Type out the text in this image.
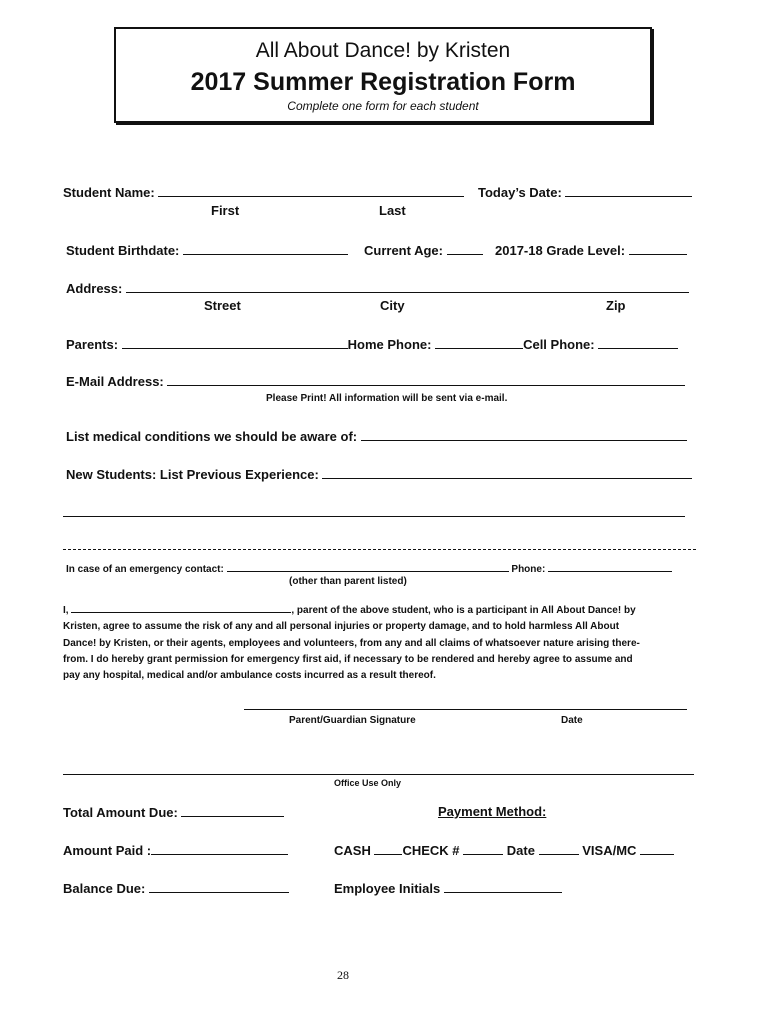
All About Dance! by Kristen
2017 Summer Registration Form
Complete one form for each student
Student Name:	Today’s Date:
First	Last
Student Birthdate:	Current Age:	2017-18 Grade Level:
Address:
Street	City	Zip
Parents:	Home Phone:	Cell Phone:
E-Mail Address:
Please Print! All information will be sent via e-mail.
List medical conditions we should be aware of:
New Students: List Previous Experience:
In case of an emergency contact:	Phone:
(other than parent listed)
I,	, parent of the above student, who is a participant in All About Dance! by
Kristen, agree to assume the risk of any and all personal injuries or property damage, and to hold harmless All About
Dance! by Kristen, or their agents, employees and volunteers, from any and all claims of whatsoever nature arising there-
from. I do hereby grant permission for emergency first aid, if necessary to be rendered and hereby agree to assume and
pay any hospital, medical and/or ambulance costs incurred as a result thereof.
Parent/Guardian Signature	Date
Office Use Only
Total Amount Due:	Payment Method:
Amount Paid :	CASH CHECK #	Date	VISA/MC
Balance Due:	Employee Initials
28
